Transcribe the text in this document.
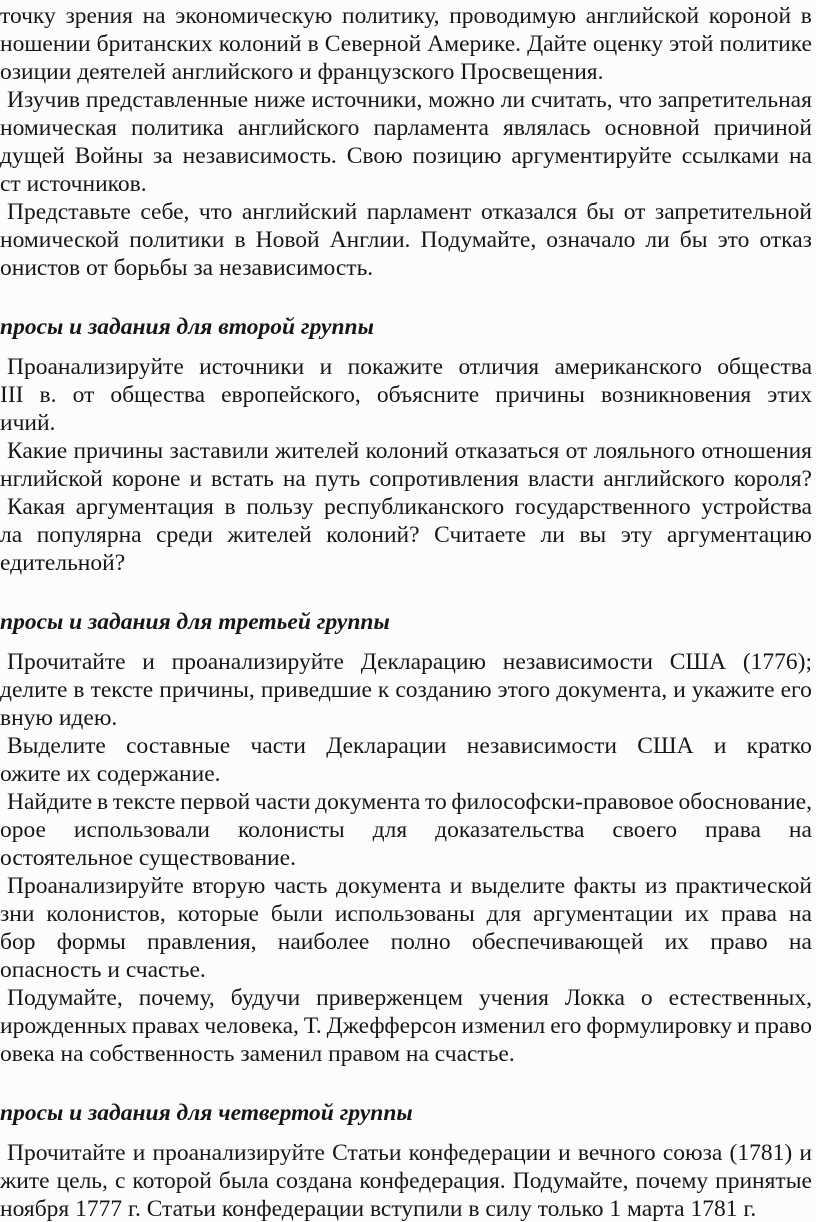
точку зрения на экономическую политику, проводимую английской короной в
ношении британских колоний в Северной Америке. Дайте оценку этой политике
озиции деятелей английского и французского Просвещения.
Изучив представленные ниже источники, можно ли считать, что запретительная
номическая политика английского парламента являлась основной причиной
дущей Войны за независимость. Свою позицию аргументируйте ссылками на
ст источников.
Представьте себе, что английский парламент отказался бы от запретительной
номической политики в Новой Англии. Подумайте, означало ли бы это отказ
онистов от борьбы за независимость.
просы и задания для второй группы
Проанализируйте источники и покажите отличия американского общества
III в. от общества европейского, объясните причины возникновения этих
ичий.
Какие причины заставили жителей колоний отказаться от лояльного отношения
нглийской короне и встать на путь сопротивления власти английского короля?
Какая аргументация в пользу республиканского государственного устройства
ла популярна среди жителей колоний? Считаете ли вы эту аргументацию
едительной?
просы и задания для третьей группы
Прочитайте и проанализируйте Декларацию независимости США (1776);
делите в тексте причины, приведшие к созданию этого документа, и укажите его
вную идею.
Выделите составные части Декларации независимости США и кратко
ожите их содержание.
Найдите в тексте первой части документа то философски-правовое обоснование,
орое использовали колонисты для доказательства своего права на
остоятельное существование.
Проанализируйте вторую часть документа и выделите факты из практической
зни колонистов, которые были использованы для аргументации их права на
бор формы правления, наиболее полно обеспечивающей их право на
опасность и счастье.
Подумайте, почему, будучи приверженцем учения Локка о естественных,
ирожденных правах человека, Т. Джефферсон изменил его формулировку и право
овека на собственность заменил правом на счастье.
просы и задания для четвертой группы
Прочитайте и проанализируйте Статьи конфедерации и вечного союза (1781) и
жите цель, с которой была создана конфедерация. Подумайте, почему принятые
ноября 1777 г. Статьи конфедерации вступили в силу только 1 марта 1781 г.
